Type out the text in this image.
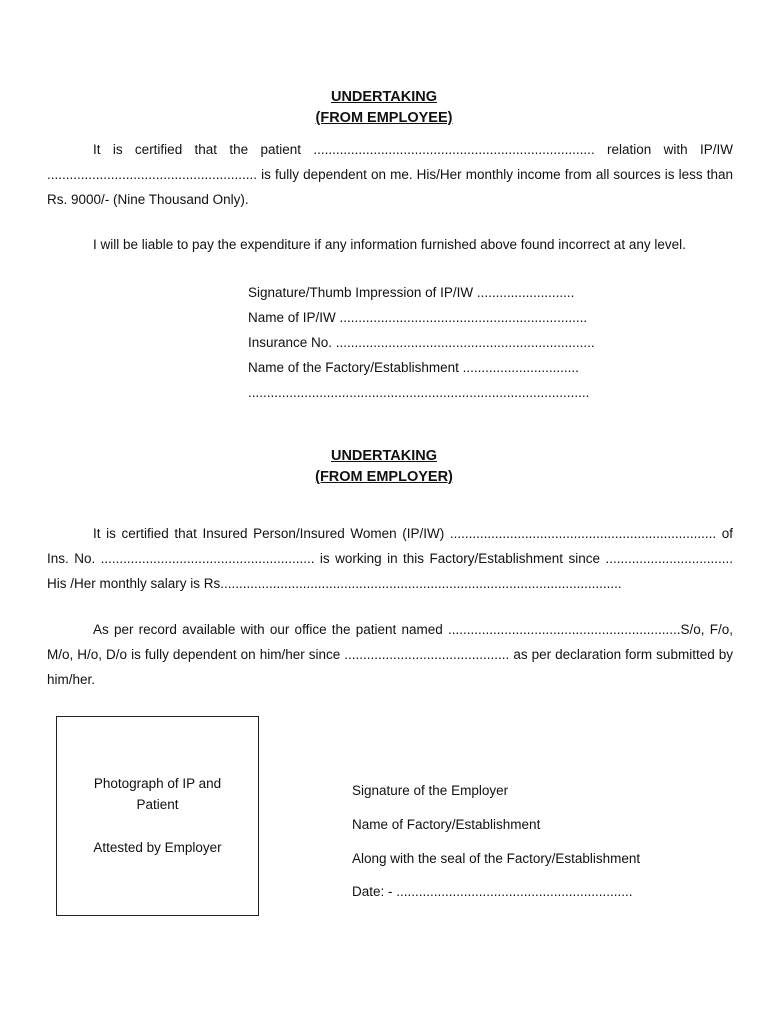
UNDERTAKING
(FROM EMPLOYEE)
It is certified that the patient ........................................................................... relation with IP/IW ........................................................ is fully dependent on me. His/Her monthly income from all sources is less than Rs. 9000/- (Nine Thousand Only).
I will be liable to pay the expenditure if any information furnished above found incorrect at any level.
Signature/Thumb Impression of IP/IW ..........................
Name of IP/IW ..................................................................
Insurance No. .....................................................................
Name of the Factory/Establishment ...............................
...........................................................................................
UNDERTAKING
(FROM EMPLOYER)
It is certified that Insured Person/Insured Women (IP/IW) ....................................................................... of Ins. No. ......................................................... is working in this Factory/Establishment since .................................. His /Her monthly salary is Rs...........................................................................................................
As per record available with our office the patient named ..............................................................S/o, F/o, M/o, H/o, D/o is fully dependent on him/her since ............................................ as per declaration form submitted by him/her.
Photograph of IP and
Patient
Attested by Employer
Signature of the Employer
Name of Factory/Establishment
Along with the seal of the Factory/Establishment
Date: - ...............................................................
